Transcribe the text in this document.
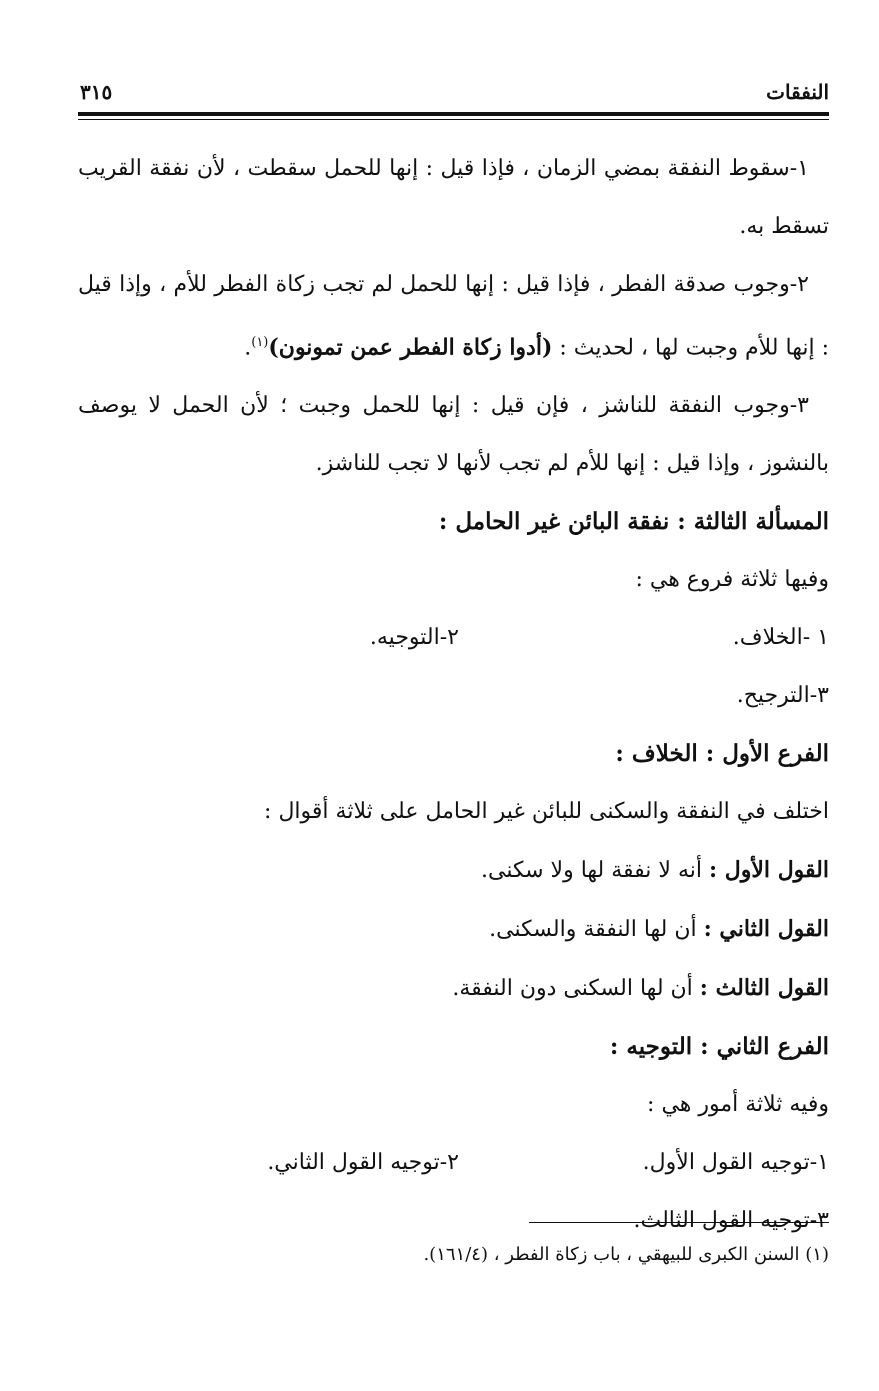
النفقات
٣١٥

١-سقوط النفقة بمضي الزمان ، فإذا قيل : إنها للحمل سقطت ، لأن نفقة القريب تسقط به.

٢-وجوب صدقة الفطر ، فإذا قيل : إنها للحمل لم تجب زكاة الفطر للأم ، وإذا قيل : إنها للأم وجبت لها ، لحديث : (أدوا زكاة الفطر عمن تمونون)$^{(١)}$.

٣-وجوب النفقة للناشز ، فإن قيل : إنها للحمل وجبت ؛ لأن الحمل لا يوصف بالنشوز ، وإذا قيل : إنها للأم لم تجب لأنها لا تجب للناشز.

المسألة الثالثة : نفقة البائن غير الحامل :

وفيها ثلاثة فروع هي :

١ -الخلاف.
٢-التوجيه.

٣-الترجيح.

الفرع الأول : الخلاف :

اختلف في النفقة والسكنى للبائن غير الحامل على ثلاثة أقوال :

القول الأول : أنه لا نفقة لها ولا سكنى.

القول الثاني : أن لها النفقة والسكنى.

القول الثالث : أن لها السكنى دون النفقة.

الفرع الثاني : التوجيه :

وفيه ثلاثة أمور هي :

١-توجيه القول الأول.
٢-توجيه القول الثاني.

٣-توجيه القول الثالث.

(١) السنن الكبرى للبيهقي ، باب زكاة الفطر ، (١٦١/٤).
